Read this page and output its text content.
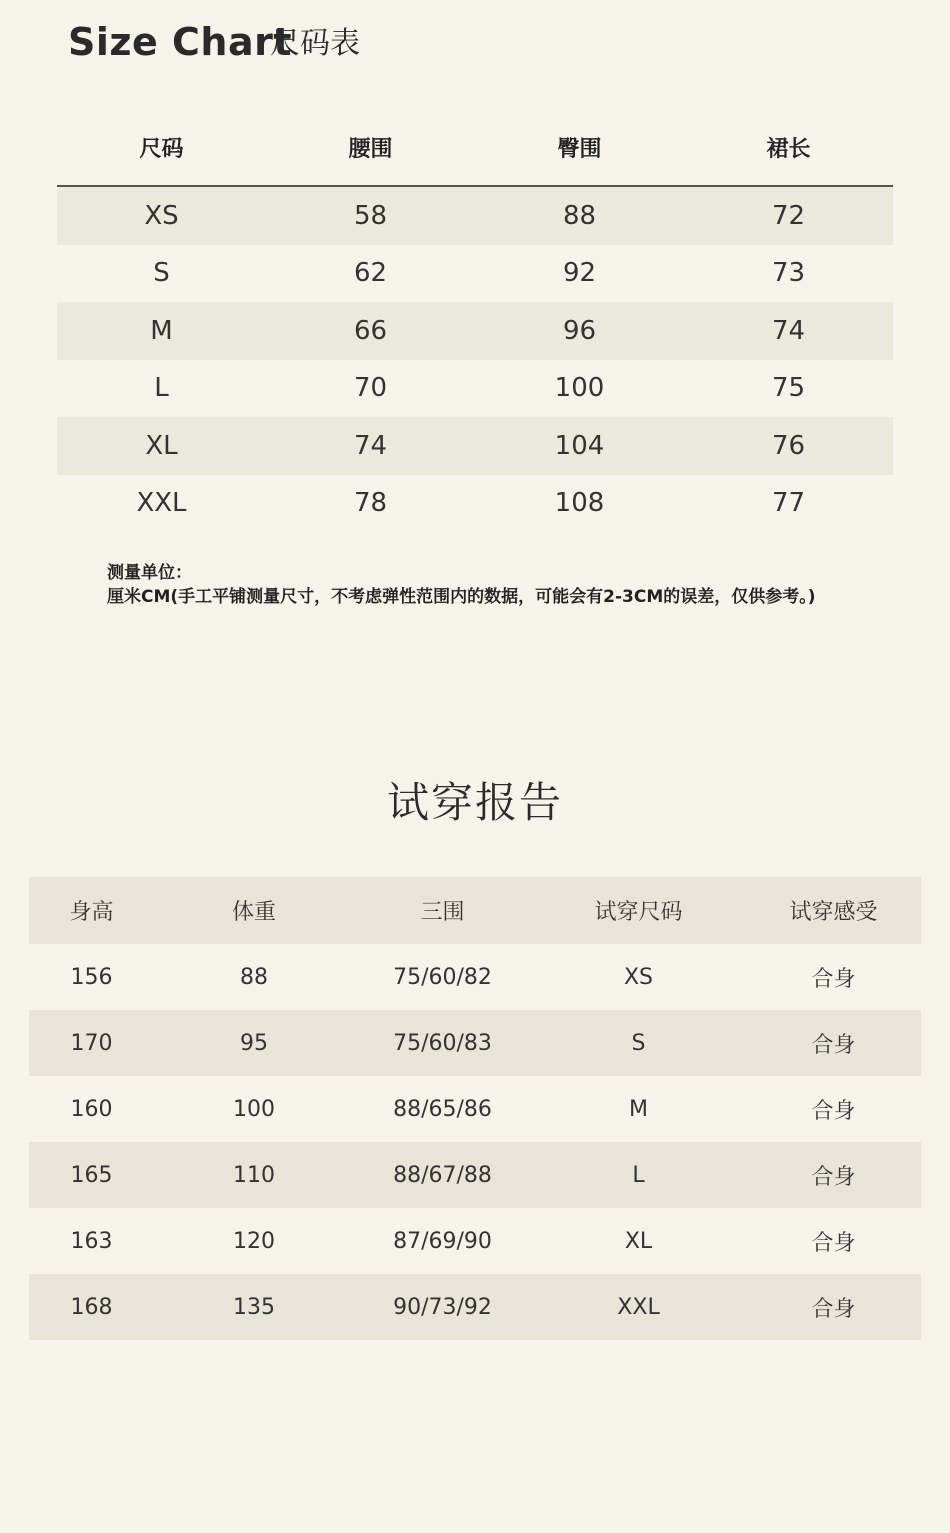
Size Chart
尺码表
尺码	腰围	臀围	裙长
XS	58	88	72
S	62	92	73
M	66	96	74
L	70	100	75
XL	74	104	76
XXL	78	108	77
测量单位：
厘米CM(手工平铺测量尺寸，不考虑弹性范围内的数据，可能会有2-3CM的误差，仅供参考。)
试穿报告
身高	体重	三围	试穿尺码	试穿感受
156	88	75/60/82	XS	合身
170	95	75/60/83	S	合身
160	100	88/65/86	M	合身
165	110	88/67/88	L	合身
163	120	87/69/90	XL	合身
168	135	90/73/92	XXL	合身
